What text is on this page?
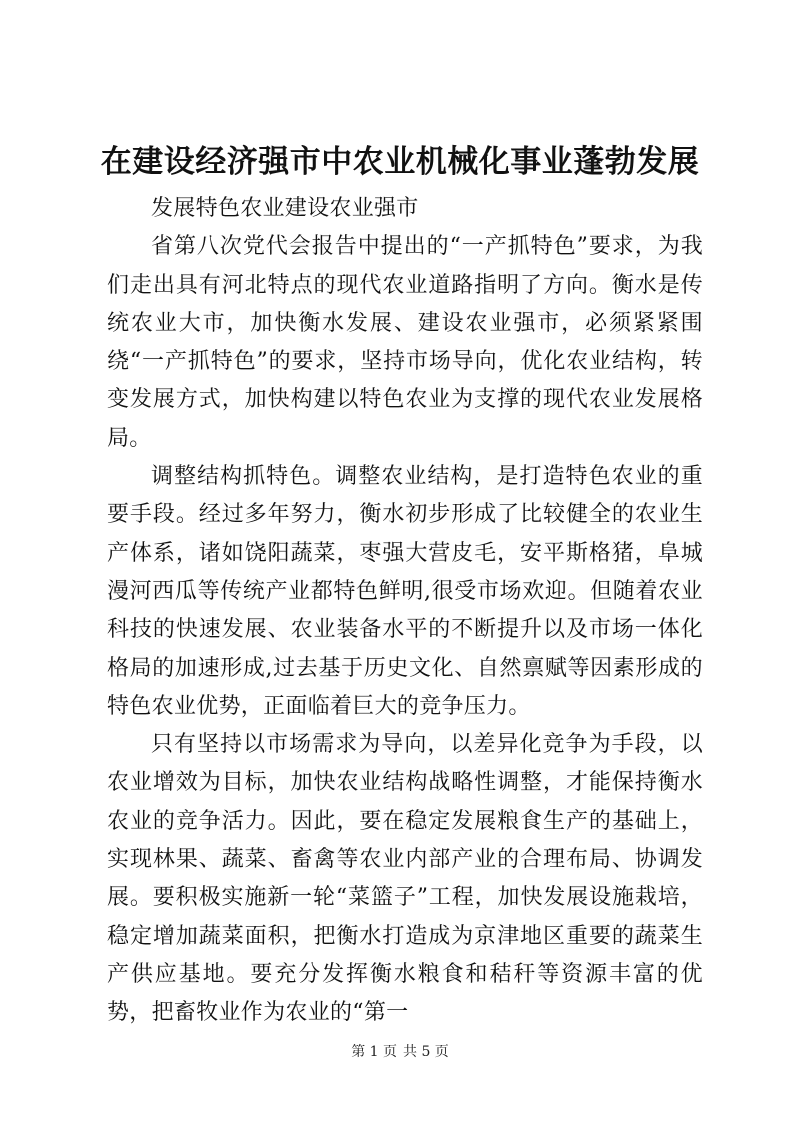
在建设经济强市中农业机械化事业蓬勃发展

发展特色农业建设农业强市

省第八次党代会报告中提出的“一产抓特色”要求，为我们走出具有河北特点的现代农业道路指明了方向。衡水是传统农业大市，加快衡水发展、建设农业强市，必须紧紧围绕“一产抓特色”的要求，坚持市场导向，优化农业结构，转变发展方式，加快构建以特色农业为支撑的现代农业发展格局。

调整结构抓特色。调整农业结构，是打造特色农业的重要手段。经过多年努力，衡水初步形成了比较健全的农业生产体系，诸如饶阳蔬菜，枣强大营皮毛，安平斯格猪，阜城漫河西瓜等传统产业都特色鲜明,很受市场欢迎。但随着农业科技的快速发展、农业装备水平的不断提升以及市场一体化格局的加速形成,过去基于历史文化、自然禀赋等因素形成的特色农业优势，正面临着巨大的竞争压力。

只有坚持以市场需求为导向，以差异化竞争为手段，以农业增效为目标，加快农业结构战略性调整，才能保持衡水农业的竞争活力。因此，要在稳定发展粮食生产的基础上，实现林果、蔬菜、畜禽等农业内部产业的合理布局、协调发展。要积极实施新一轮“菜篮子”工程，加快发展设施栽培，稳定增加蔬菜面积，把衡水打造成为京津地区重要的蔬菜生产供应基地。要充分发挥衡水粮食和秸秆等资源丰富的优势，把畜牧业作为农业的“第一

第 1 页 共 5 页
